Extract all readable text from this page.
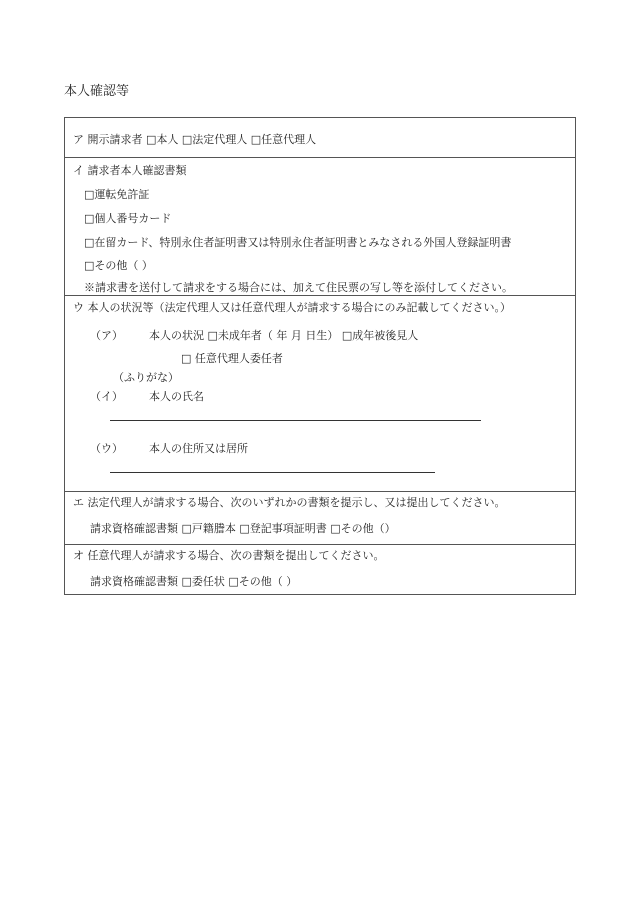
本人確認等
ア 開示請求者 □本人 □法定代理人 □任意代理人
イ 請求者本人確認書類
□運転免許証
□個人番号カード
□在留カード、特別永住者証明書又は特別永住者証明書とみなされる外国人登録証明書
□その他（ ）
※請求書を送付して請求をする場合には、加えて住民票の写し等を添付してください。
ウ 本人の状況等（法定代理人又は任意代理人が請求する場合にのみ記載してください。）
（ア） 本人の状況 □未成年者（ 年 月 日生） □成年被後見人
□ 任意代理人委任者
（ふりがな）
（イ） 本人の氏名
（ウ） 本人の住所又は居所
エ 法定代理人が請求する場合、次のいずれかの書類を提示し、又は提出してください。
請求資格確認書類 □戸籍謄本 □登記事項証明書 □その他（）
オ 任意代理人が請求する場合、次の書類を提出してください。
請求資格確認書類 □委任状 □その他（ ）
